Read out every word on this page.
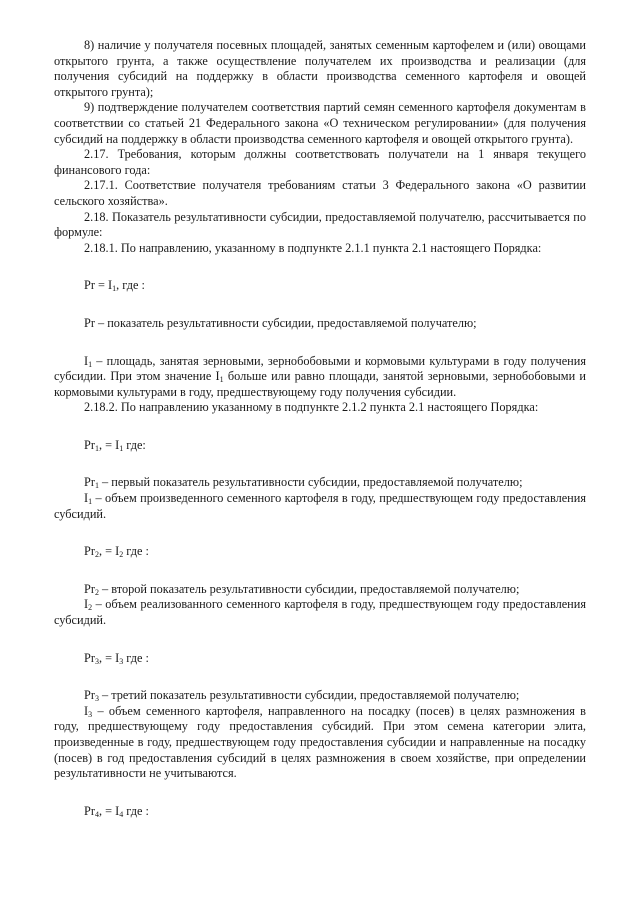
8) наличие у получателя посевных площадей, занятых семенным картофелем и (или) овощами открытого грунта, а также осуществление получателем их производства и реализации (для получения субсидий на поддержку в области производства семенного картофеля и овощей открытого грунта);

9) подтверждение получателем соответствия партий семян семенного картофеля документам в соответствии со статьей 21 Федерального закона «О техническом регулировании» (для получения субсидий на поддержку в области производства семенного картофеля и овощей открытого грунта).

2.17. Требования, которым должны соответствовать получатели на 1 января текущего финансового года:

2.17.1. Соответствие получателя требованиям статьи 3 Федерального закона «О развитии сельского хозяйства».

2.18. Показатель результативности субсидии, предоставляемой получателю, рассчитывается по формуле:

2.18.1. По направлению, указанному в подпункте 2.1.1 пункта 2.1 настоящего Порядка:

$Pr = I_1$, где :

Pr – показатель результативности субсидии, предоставляемой получателю;

$I_1$ – площадь, занятая зерновыми, зернобобовыми и кормовыми культурами в году получения субсидии. При этом значение $I_1$ больше или равно площади, занятой зерновыми, зернобобовыми и кормовыми культурами в году, предшествующему году получения субсидии.

2.18.2. По направлению указанному в подпункте 2.1.2 пункта 2.1 настоящего Порядка:

$Pr_1$, = $I_1$ где:

$Pr_1$ – первый показатель результативности субсидии, предоставляемой получателю;

$I_1$ – объем произведенного семенного картофеля в году, предшествующем году предоставления субсидий.

$Pr_2$, = $I_2$ где :

$Pr_2$ – второй показатель результативности субсидии, предоставляемой получателю;

$I_2$ – объем реализованного семенного картофеля в году, предшествующем году предоставления субсидий.

$Pr_3$, = $I_3$ где :

$Pr_3$ – третий показатель результативности субсидии, предоставляемой получателю;

$I_3$ – объем семенного картофеля, направленного на посадку (посев) в целях размножения в году, предшествующему году предоставления субсидий. При этом семена категории элита, произведенные в году, предшествующем году предоставления субсидии и направленные на посадку (посев) в год предоставления субсидий в целях размножения в своем хозяйстве, при определении результативности не учитываются.

$Pr_4$, = $I_4$ где :
